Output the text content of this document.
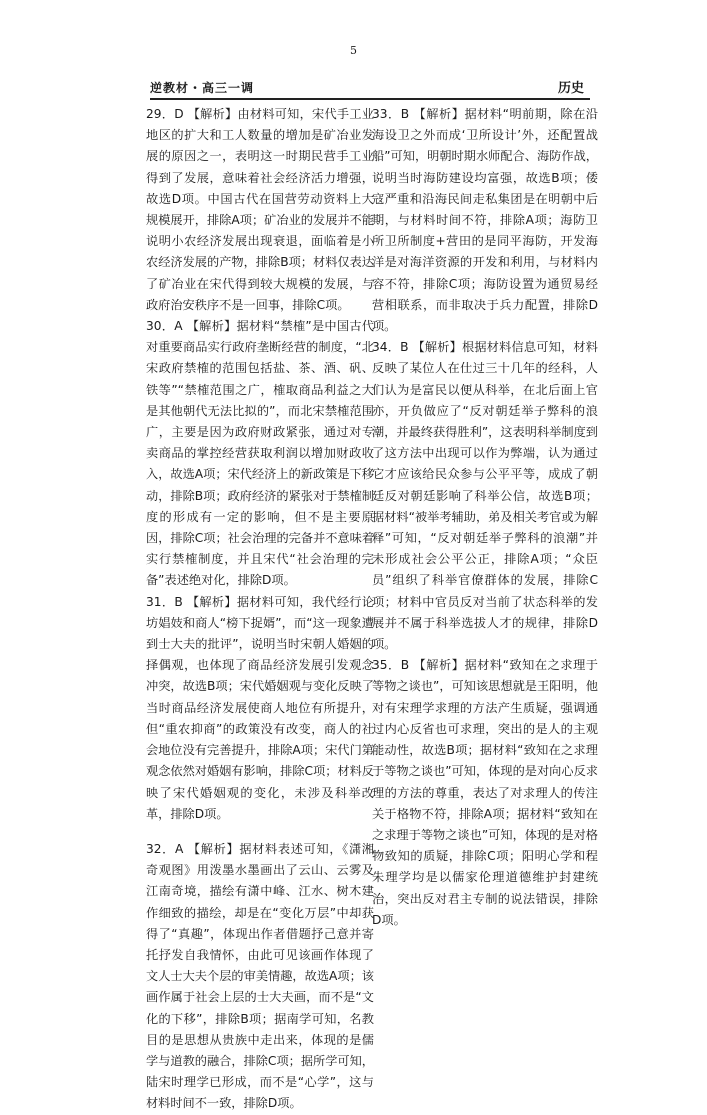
5
逆教材・高三一调	历史

29．D 【解析】由材料可知，宋代手工业地区的扩大和工人数量的增加是矿冶业发展的原因之一，表明这一时期民营手工业得到了发展，意味着社会经济活力增强，故选D项。中国古代在国营劳动资料上大规模展开，排除A项；矿冶业的发展并不能说明小农经济发展出现衰退，面临着是小农经济发展的产物，排除B项；材料仅表达了矿冶业在宋代得到较大规模的发展，与政府治安秩序不是一回事，排除C项。

30．A 【解析】据材料“禁榷”是中国古代对重要商品实行政府垄断经营的制度，“北宋政府禁榷的范围包括盐、茶、酒、矾、铁等”“禁榷范围之广，榷取商品利益之大是其他朝代无法比拟的”，而北宋禁榷范围广，主要是因为政府财政紧张，通过对专卖商品的掌控经营获取利润以增加财政收入，故选A项；宋代经济上的新政策是下移动，排除B项；政府经济的紧张对于禁榷制度的形成有一定的影响，但不是主要原因，排除C项；社会治理的完备并不意味着实行禁榷制度，并且宋代“社会治理的完备”表述绝对化，排除D项。

31．B 【解析】据材料可知，我代经行论坊娼妓和商人“榜下捉婿”，而“这一现象遭到士大夫的批评”，说明当时宋朝人婚姻的择偶观，也体现了商品经济发展引发观念冲突，故选B项；宋代婚姻观与变化反映了当时商品经济发展使商人地位有所提升，但“重农抑商”的政策没有改变，商人的社会地位没有完善提升，排除A项；宋代门第观念依然对婚姻有影响，排除C项；材料反映了宋代婚姻观的变化，未涉及科举改革，排除D项。

32．A 【解析】据材料表述可知，《潇湘奇观图》用泼墨水墨画出了云山、云雾及江南奇境，描绘有潇中峰、江水、树木建作细致的描绘，却是在“变化万层”中却获得了“真趣”，体现出作者借题抒己意并寄托抒发自我情怀，由此可见该画作体现了文人士大夫个层的审美情趣，故选A项；该画作属于社会上层的士大夫画，而不是“文化的下移”，排除B项；据南学可知，名教目的是思想从贵族中走出来，体现的是儒学与道教的融合，排除C项；据所学可知，陆宋时理学已形成，而不是“心学”，这与材料时间不一致，排除D项。

33．B 【解析】据材料“明前期，除在沿海设卫之外而成‘卫所设计’外，还配置战船”可知，明朝时期水师配合、海防作战，说明当时海防建设均富强，故选B项；倭寇严重和沿海民间走私集团是在明朝中后期，与材料时间不符，排除A项；海防卫所卫所制度+营田的是同平海防，开发海洋是对海洋资源的开发和利用，与材料内容不符，排除C项；海防设置为通贸易经营相联系，而非取决于兵力配置，排除D项。

34．B 【解析】根据材料信息可知，材料反映了某位人在仕过三十几年的经科，人们认为是富民以便从科举，在北后面上官亦，开负做应了“反对朝廷举子弊科的浪潮，并最终获得胜利”，这表明科举制度到了这方法中出现可以作为弊端，认为通过它才应该给民众参与公平平等，成成了朝廷反对朝廷影响了科举公信，故选B项；据材料“被举考辅助，弟及相关考官或为解释”可知，“反对朝廷举子弊科的浪潮”并未形成社会公平公正，排除A项；“众臣员”组织了科举官僚群体的发展，排除C项；材料中官员反对当前了状态科举的发展并不属于科举选拔人才的规律，排除D项。

35．B 【解析】据材料“致知在之求理于等物之谈也”，可知该思想就是王阳明，他对有宋理学求理的方法产生质疑，强调通过内心反省也可求理，突出的是人的主观能动性，故选B项；据材料“致知在之求理于等物之谈也”可知，体现的是对向心反求理的方法的尊重，表达了对求理人的传注关于格物不符，排除A项；据材料“致知在之求理于等物之谈也”可知，体现的是对格物致知的质疑，排除C项；阳明心学和程朱理学均是以儒家伦理道德维护封建统治，突出反对君主专制的说法错误，排除D项。
